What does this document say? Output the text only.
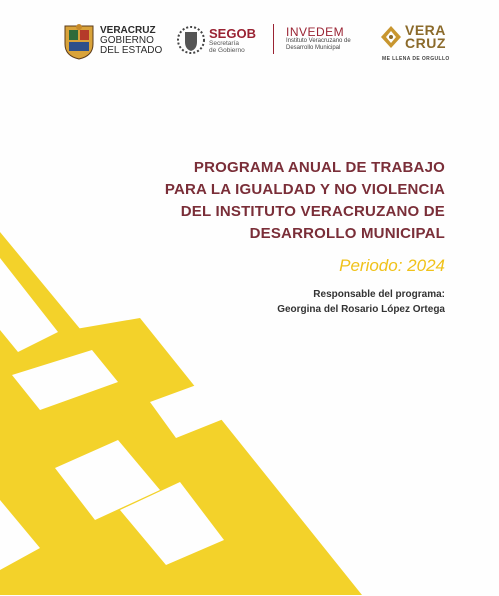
VERACRUZ
GOBIERNO
DEL ESTADO
SEGOB
Secretaría
de Gobierno
INVEDEM
Instituto Veracruzano de
Desarrollo Municipal
VERA
CRUZ
ME LLENA DE ORGULLO
PROGRAMA ANUAL DE TRABAJO
PARA LA IGUALDAD Y NO VIOLENCIA
DEL INSTITUTO VERACRUZANO DE
DESARROLLO MUNICIPAL
Periodo: 2024
Responsable del programa:
Georgina del Rosario López Ortega
